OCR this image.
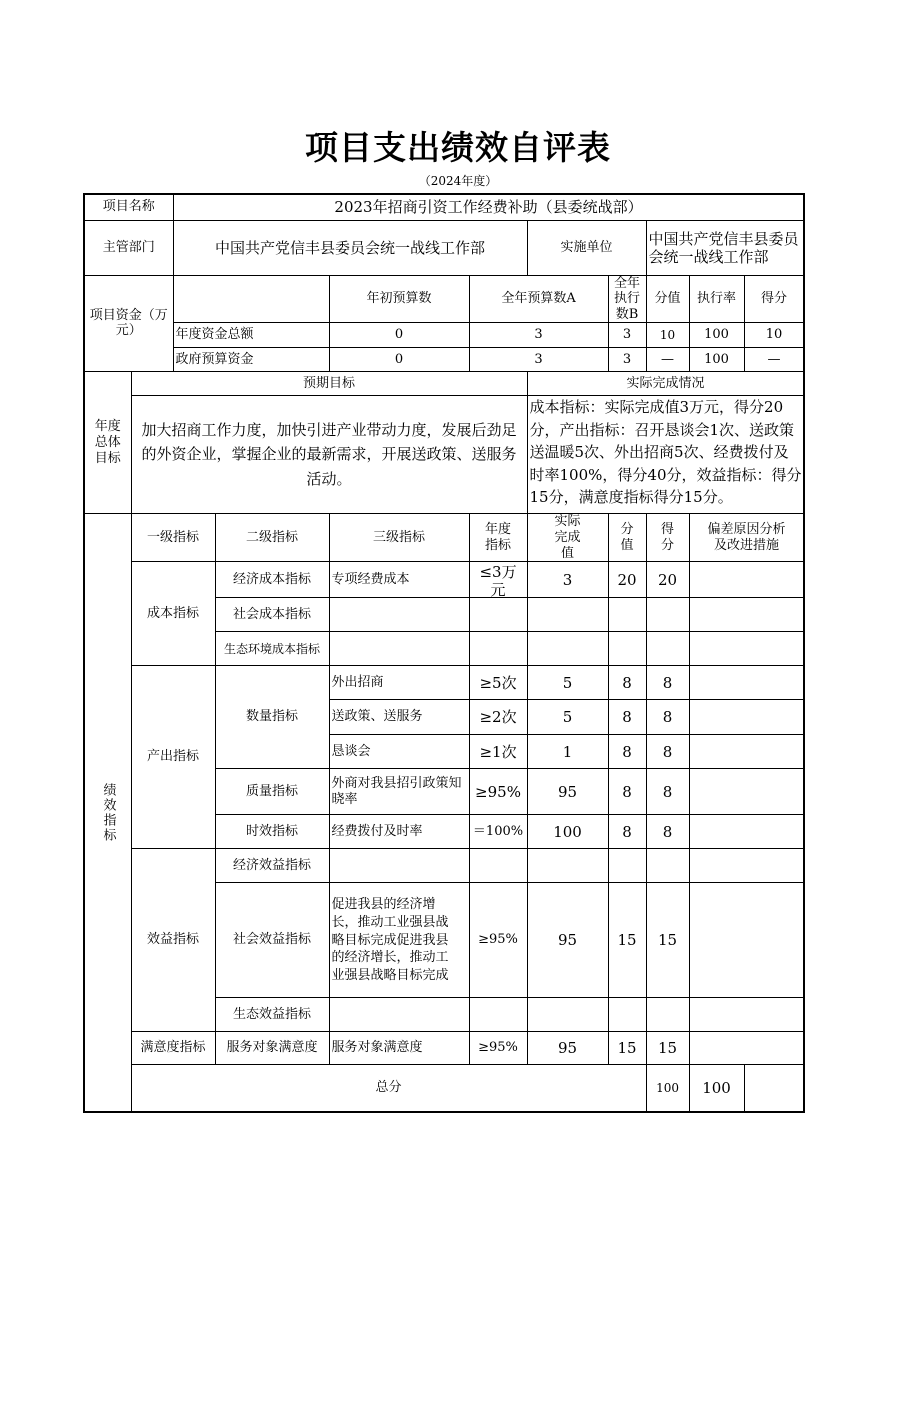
项目支出绩效自评表
（2024年度）
项目名称		2023年招商引资工作经费补助（县委统战部）								
主管部门		中国共产党信丰县委员会统一战线工作部				实施单位		中国共产党信丰县委员会统一战线工作部		
项目资金（万元）				年初预算数	全年预算数A		全年执行数B	分值	执行率	得分
		年度资金总额		0	3		3	10	100	10
		政府预算资金		0	3		3	—	100	—

年度总体目标	预期目标					实际完成情况				
	加大招商工作力度，加快引进产业带动力度，发展后劲足的外资企业，掌握企业的最新需求，开展送政策、送服务活动。					成本指标：实际完成值3万元，得分20分，产出指标：召开恳谈会1次、送政策送温暖5次、外出招商5次、经费拨付及时率100%，得分40分，效益指标：得分15分，满意度指标得分15分。				

绩效指标	一级指标		二级指标	三级指标	年度指标	实际完成值	分值	得分	偏差原因分析及改进措施	

	成本指标		经济成本指标	专项经费成本	≤3万元	3	20	20		
			社会成本指标							
			生态环境成本指标							
	产出指标		数量指标	外出招商	≥5次	5	8	8		
				送政策、送服务	≥2次	5	8	8		
				恳谈会	≥1次	1	8	8		
			质量指标	外商对我县招引政策知晓率	≥95%	95	8	8		
			时效指标	经费拨付及时率	＝100%	100	8	8		
	效益指标		经济效益指标							
			社会效益指标	促进我县的经济增长，推动工业强县战略目标完成促进我县的经济增长，推动工业强县战略目标完成	≥95%	95	15	15		
			生态效益指标							
	满意度指标		服务对象满意度	服务对象满意度	≥95%	95	15	15		
	总分							100	100	
